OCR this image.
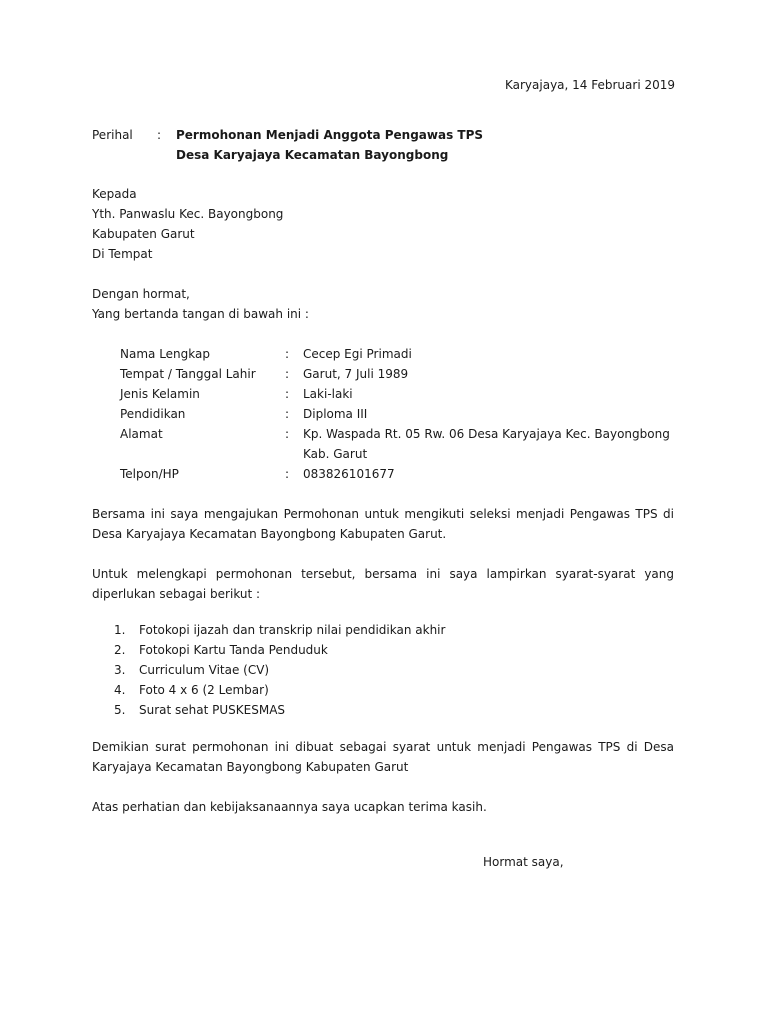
Karyajaya, 14 Februari 2019
Perihal : Permohonan Menjadi Anggota Pengawas TPS
Desa Karyajaya Kecamatan Bayongbong
Kepada
Yth. Panwaslu Kec. Bayongbong
Kabupaten Garut
Di Tempat
Dengan hormat,
Yang bertanda tangan di bawah ini :
Nama Lengkap	: Cecep Egi Primadi
Tempat / Tanggal Lahir : Garut, 7 Juli 1989
Jenis Kelamin	: Laki-laki
Pendidikan	: Diploma III
Alamat	: Kp. Waspada Rt. 05 Rw. 06 Desa Karyajaya Kec. Bayongbong
Kab. Garut
Telpon/HP	: 083826101677
Bersama ini saya mengajukan Permohonan untuk mengikuti seleksi menjadi Pengawas TPS di
Desa Karyajaya Kecamatan Bayongbong Kabupaten Garut.
Untuk melengkapi permohonan tersebut, bersama ini saya lampirkan syarat-syarat yang
diperlukan sebagai berikut :
1. Fotokopi ijazah dan transkrip nilai pendidikan akhir
2. Fotokopi Kartu Tanda Penduduk
3. Curriculum Vitae (CV)
4. Foto 4 x 6 (2 Lembar)
5. Surat sehat PUSKESMAS
Demikian surat permohonan ini dibuat sebagai syarat untuk menjadi Pengawas TPS di Desa
Karyajaya Kecamatan Bayongbong Kabupaten Garut
Atas perhatian dan kebijaksanaannya saya ucapkan terima kasih.
Hormat saya,
